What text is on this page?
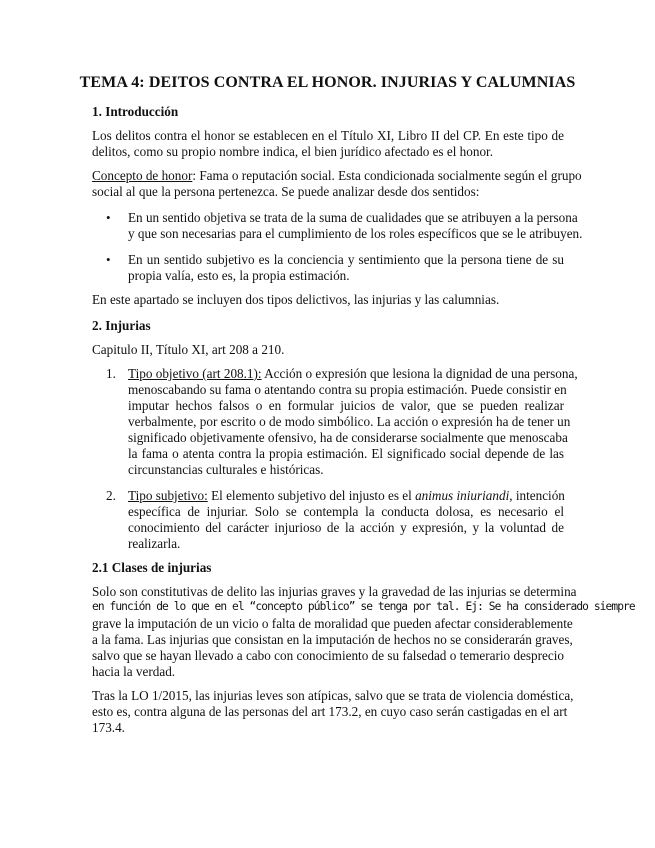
TEMA 4: DEITOS CONTRA EL HONOR. INJURIAS Y CALUMNIAS
1. Introducción
Los delitos contra el honor se establecen en el Título XI, Libro II del CP. En este tipo de
delitos, como su propio nombre indica, el bien jurídico afectado es el honor.
Concepto de honor: Fama o reputación social. Esta condicionada socialmente según el grupo
social al que la persona pertenezca. Se puede analizar desde dos sentidos:
• En un sentido objetiva se trata de la suma de cualidades que se atribuyen a la persona
y que son necesarias para el cumplimiento de los roles específicos que se le atribuyen.
• En un sentido subjetivo es la conciencia y sentimiento que la persona tiene de su
propia valía, esto es, la propia estimación.
En este apartado se incluyen dos tipos delictivos, las injurias y las calumnias.
2. Injurias
Capitulo II, Título XI, art 208 a 210.
1. Tipo objetivo (art 208.1): Acción o expresión que lesiona la dignidad de una persona,
menoscabando su fama o atentando contra su propia estimación. Puede consistir en
imputar hechos falsos o en formular juicios de valor, que se pueden realizar
verbalmente, por escrito o de modo simbólico. La acción o expresión ha de tener un
significado objetivamente ofensivo, ha de considerarse socialmente que menoscaba
la fama o atenta contra la propia estimación. El significado social depende de las
circunstancias culturales e históricas.
2. Tipo subjetivo: El elemento subjetivo del injusto es el animus iniuriandi, intención
específica de injuriar. Solo se contempla la conducta dolosa, es necesario el
conocimiento del carácter injurioso de la acción y expresión, y la voluntad de
realizarla.
2.1 Clases de injurias
Solo son constitutivas de delito las injurias graves y la gravedad de las injurias se determina
en función de lo que en el “concepto público” se tenga por tal. Ej: Se ha considerado siempre
grave la imputación de un vicio o falta de moralidad que pueden afectar considerablemente
a la fama. Las injurias que consistan en la imputación de hechos no se considerarán graves,
salvo que se hayan llevado a cabo con conocimiento de su falsedad o temerario desprecio
hacia la verdad.
Tras la LO 1/2015, las injurias leves son atípicas, salvo que se trata de violencia doméstica,
esto es, contra alguna de las personas del art 173.2, en cuyo caso serán castigadas en el art
173.4.
